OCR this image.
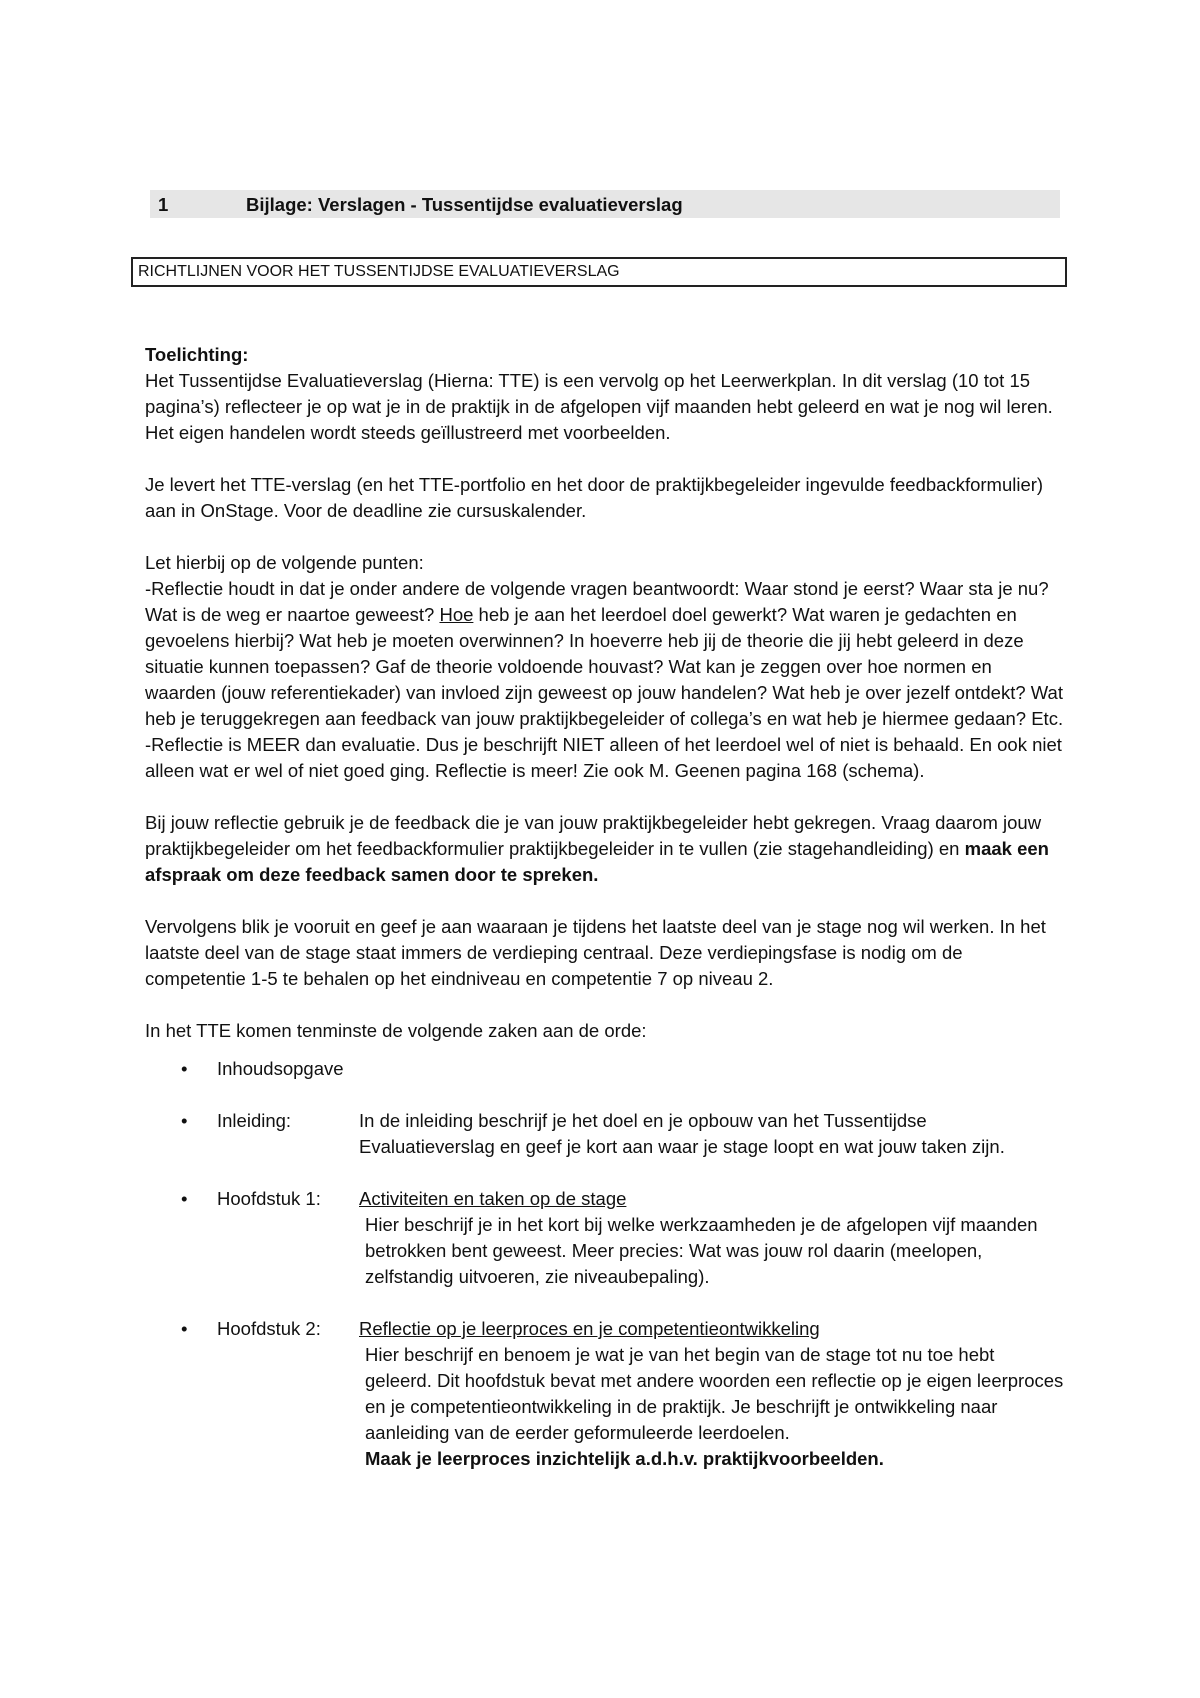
1	Bijlage: Verslagen - Tussentijdse evaluatieverslag
RICHTLIJNEN VOOR HET TUSSENTIJDSE EVALUATIEVERSLAG

Toelichting:

Het Tussentijdse Evaluatieverslag (Hierna: TTE) is een vervolg op het Leerwerkplan. In dit verslag (10 tot 15 pagina’s) reflecteer je op wat je in de praktijk in de afgelopen vijf maanden hebt geleerd en wat je nog wil leren. Het eigen handelen wordt steeds geïllustreerd met voorbeelden.

Je levert het TTE-verslag (en het TTE-portfolio en het door de praktijkbegeleider ingevulde feedbackformulier) aan in OnStage. Voor de deadline zie cursuskalender.

Let hierbij op de volgende punten:

-Reflectie houdt in dat je onder andere de volgende vragen beantwoordt: Waar stond je eerst? Waar sta je nu? Wat is de weg er naartoe geweest? Hoe heb je aan het leerdoel doel gewerkt? Wat waren je gedachten en gevoelens hierbij? Wat heb je moeten overwinnen? In hoeverre heb jij de theorie die jij hebt geleerd in deze situatie kunnen toepassen? Gaf de theorie voldoende houvast? Wat kan je zeggen over hoe normen en waarden (jouw referentiekader) van invloed zijn geweest op jouw handelen? Wat heb je over jezelf ontdekt? Wat heb je teruggekregen aan feedback van jouw praktijkbegeleider of collega’s en wat heb je hiermee gedaan? Etc.

-Reflectie is MEER dan evaluatie. Dus je beschrijft NIET alleen of het leerdoel wel of niet is behaald. En ook niet alleen wat er wel of niet goed ging. Reflectie is meer! Zie ook M. Geenen pagina 168 (schema).

Bij jouw reflectie gebruik je de feedback die je van jouw praktijkbegeleider hebt gekregen. Vraag daarom jouw praktijkbegeleider om het feedbackformulier praktijkbegeleider in te vullen (zie stagehandleiding) en maak een afspraak om deze feedback samen door te spreken.

Vervolgens blik je vooruit en geef je aan waaraan je tijdens het laatste deel van je stage nog wil werken. In het laatste deel van de stage staat immers de verdieping centraal. Deze verdiepingsfase is nodig om de competentie 1-5 te behalen op het eindniveau en competentie 7 op niveau 2.

In het TTE komen tenminste de volgende zaken aan de orde:

• Inhoudsopgave

• Inleiding:	In de inleiding beschrijf je het doel en je opbouw van het Tussentijdse Evaluatieverslag en geef je kort aan waar je stage loopt en wat jouw taken zijn.
• Hoofdstuk 1: Activiteiten en taken op de stage
Hier beschrijf je in het kort bij welke werkzaamheden je de afgelopen vijf maanden betrokken bent geweest. Meer precies: Wat was jouw rol daarin (meelopen, zelfstandig uitvoeren, zie niveaubepaling).
• Hoofdstuk 2: Reflectie op je leerproces en je competentieontwikkeling
Hier beschrijf en benoem je wat je van het begin van de stage tot nu toe hebt geleerd. Dit hoofdstuk bevat met andere woorden een reflectie op je eigen leerproces en je competentieontwikkeling in de praktijk. Je beschrijft je ontwikkeling naar aanleiding van de eerder geformuleerde leerdoelen.
Maak je leerproces inzichtelijk a.d.h.v. praktijkvoorbeelden.
